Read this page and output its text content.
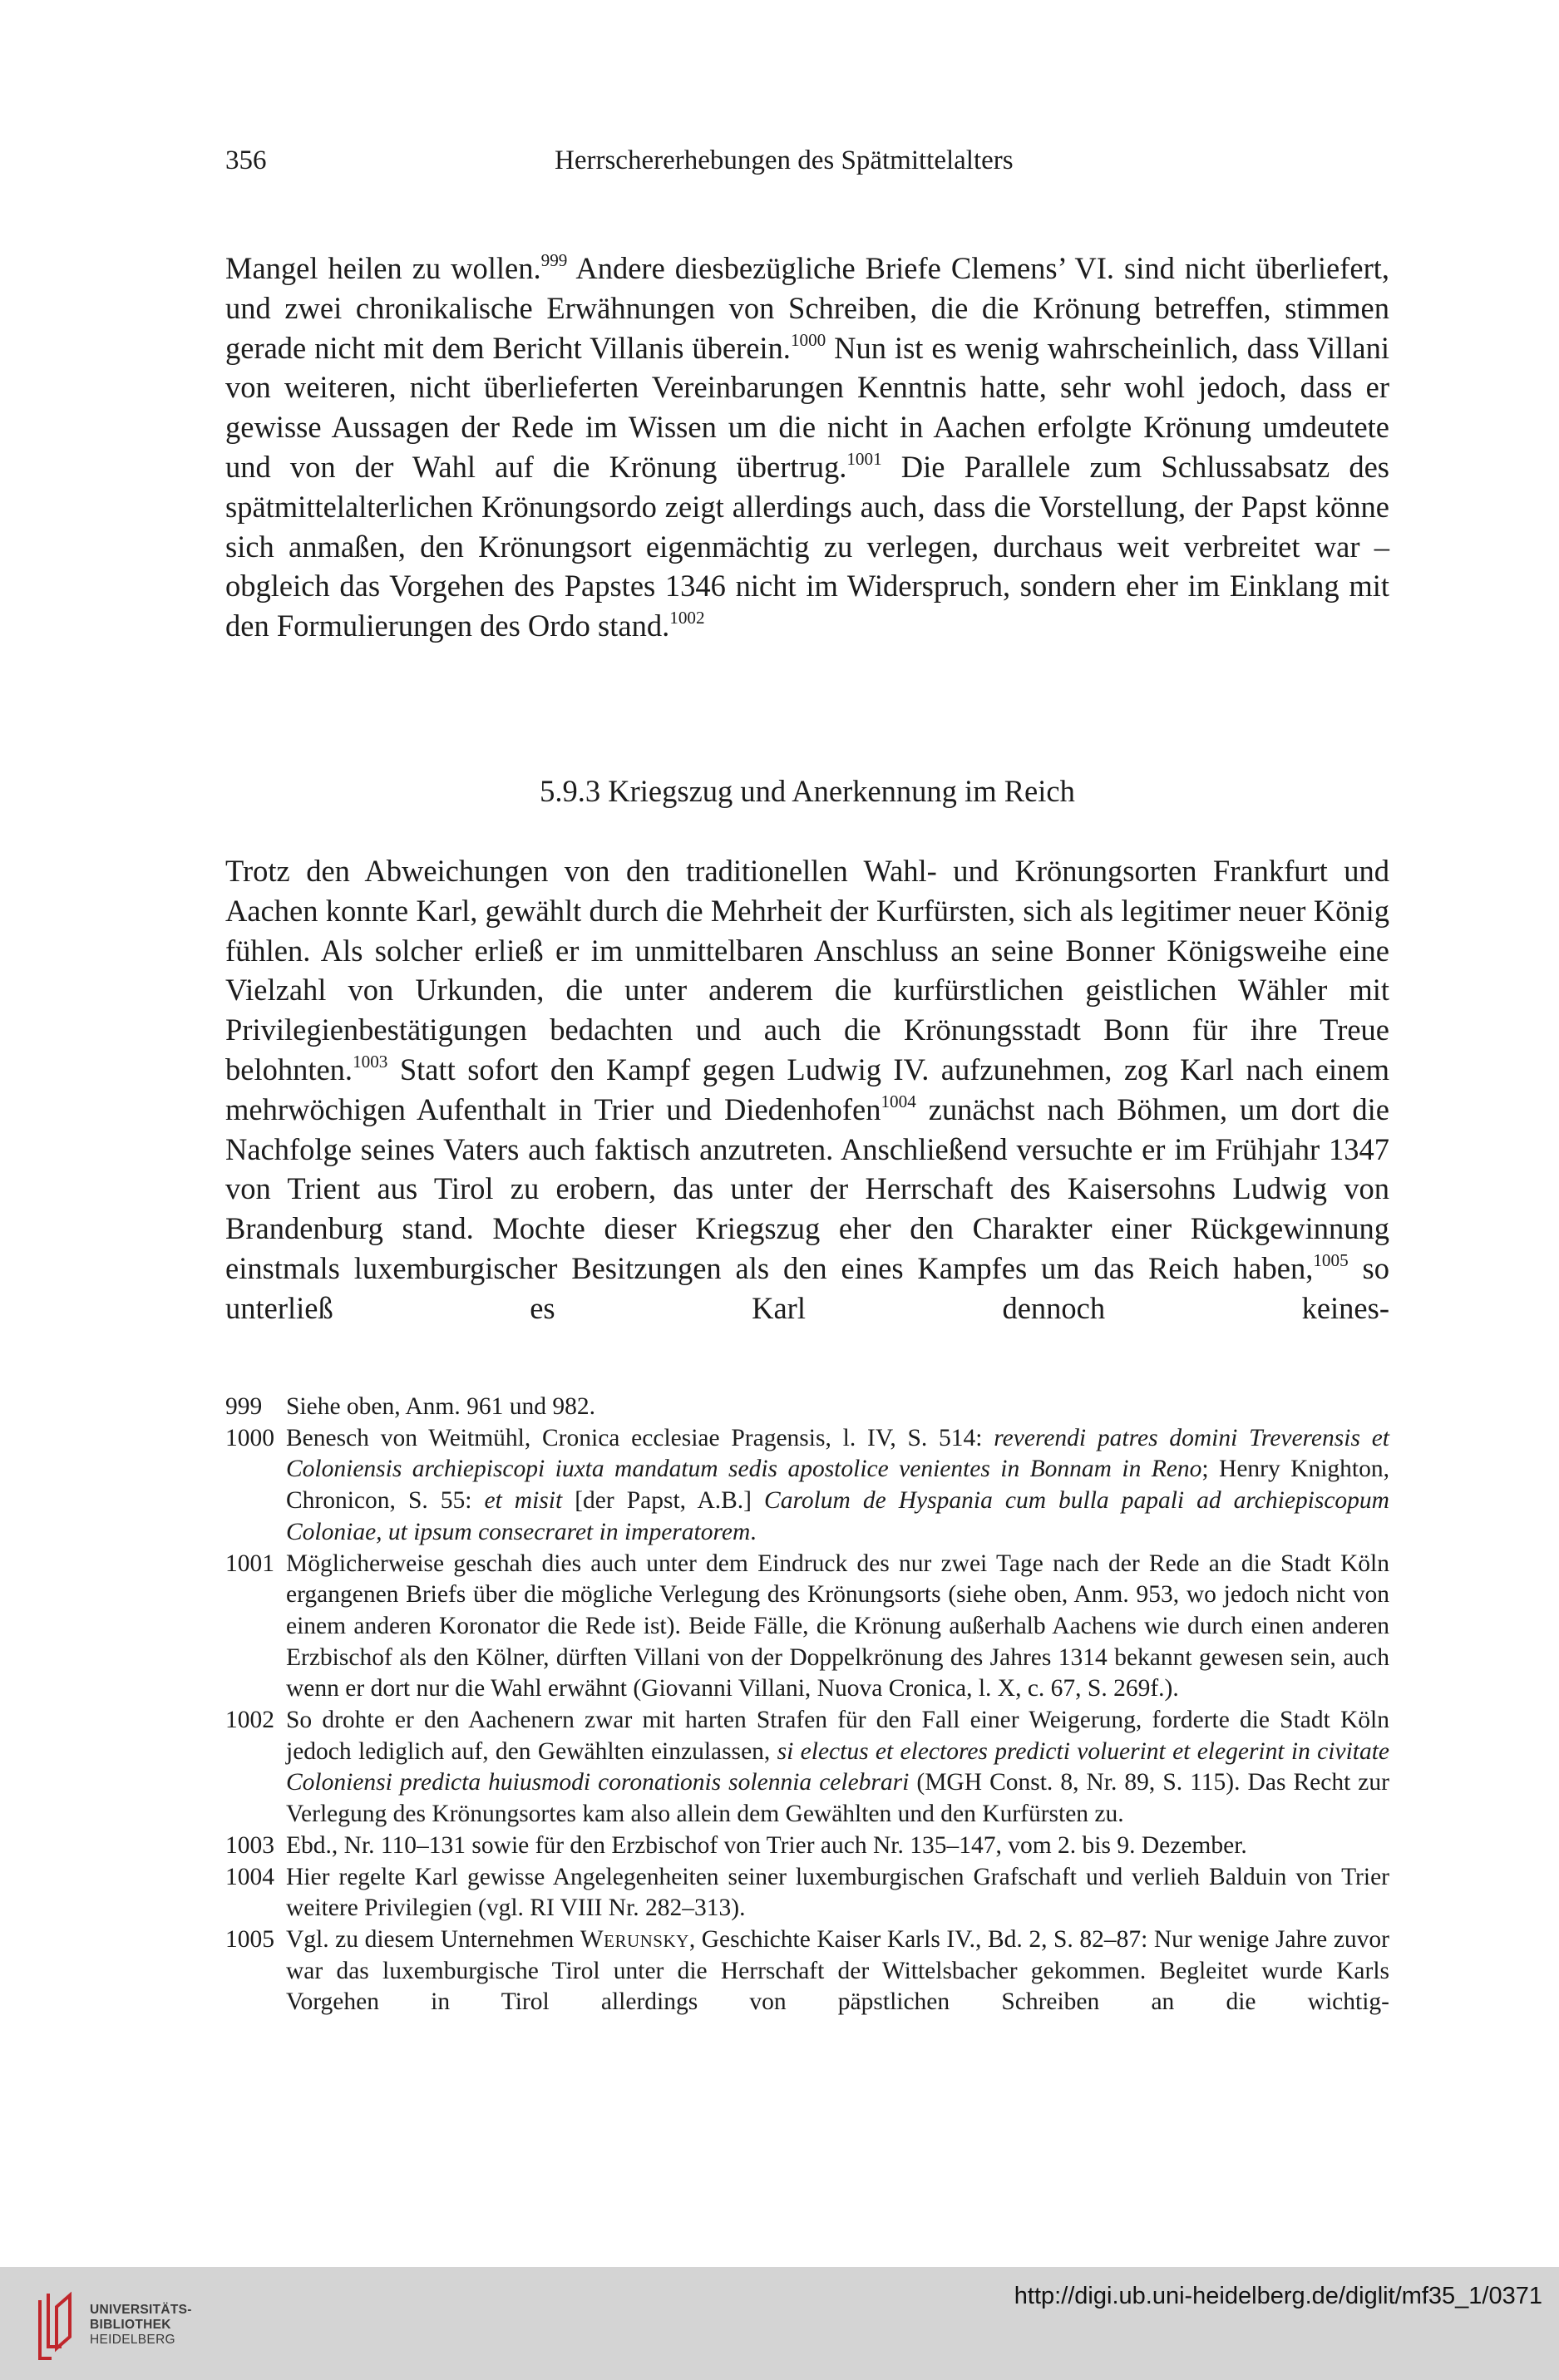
356	Herrschererhebungen des Spätmittelalters
Mangel heilen zu wollen.$^{999}$ Andere diesbezügliche Briefe Clemens’ VI. sind nicht überliefert, und zwei chronikalische Erwähnungen von Schreiben, die die Krönung betreffen, stimmen gerade nicht mit dem Bericht Villanis überein.$^{1000}$ Nun ist es wenig wahrscheinlich, dass Villani von weiteren, nicht überlieferten Vereinbarungen Kenntnis hatte, sehr wohl jedoch, dass er gewisse Aussagen der Rede im Wissen um die nicht in Aachen erfolgte Krönung umdeutete und von der Wahl auf die Krönung übertrug.$^{1001}$ Die Parallele zum Schlussabsatz des spätmittelalterlichen Krönungsordo zeigt allerdings auch, dass die Vorstellung, der Papst könne sich anmaßen, den Krönungsort eigenmächtig zu verlegen, durchaus weit verbreitet war – obgleich das Vorgehen des Papstes 1346 nicht im Widerspruch, sondern eher im Einklang mit den Formulierungen des Ordo stand.$^{1002}$
5.9.3 Kriegszug und Anerkennung im Reich
Trotz den Abweichungen von den traditionellen Wahl- und Krönungsorten Frankfurt und Aachen konnte Karl, gewählt durch die Mehrheit der Kurfürsten, sich als legitimer neuer König fühlen. Als solcher erließ er im unmittelbaren Anschluss an seine Bonner Königsweihe eine Vielzahl von Urkunden, die unter anderem die kurfürstlichen geistlichen Wähler mit Privilegienbestätigungen bedachten und auch die Krönungsstadt Bonn für ihre Treue belohnten.$^{1003}$ Statt sofort den Kampf gegen Ludwig IV. aufzunehmen, zog Karl nach einem mehrwöchigen Aufenthalt in Trier und Diedenhofen$^{1004}$ zunächst nach Böhmen, um dort die Nachfolge seines Vaters auch faktisch anzutreten. Anschließend versuchte er im Frühjahr 1347 von Trient aus Tirol zu erobern, das unter der Herrschaft des Kaisersohns Ludwig von Brandenburg stand. Mochte dieser Kriegszug eher den Charakter einer Rückgewinnung einstmals luxemburgischer Besitzungen als den eines Kampfes um das Reich haben,$^{1005}$ so unterließ es Karl dennoch keines-
999 Siehe oben, Anm. 961 und 982.
1000 Benesch von Weitmühl, Cronica ecclesiae Pragensis, l. IV, S. 514: reverendi patres domini Treverensis et Coloniensis archiepiscopi iuxta mandatum sedis apostolice venientes in Bonnam in Reno; Henry Knighton, Chronicon, S. 55: et misit [der Papst, A.B.] Carolum de Hyspania cum bulla papali ad archiepiscopum Coloniae, ut ipsum consecraret in imperatorem.
1001 Möglicherweise geschah dies auch unter dem Eindruck des nur zwei Tage nach der Rede an die Stadt Köln ergangenen Briefs über die mögliche Verlegung des Krönungsorts (siehe oben, Anm. 953, wo jedoch nicht von einem anderen Koronator die Rede ist). Beide Fälle, die Krönung außerhalb Aachens wie durch einen anderen Erzbischof als den Kölner, dürften Villani von der Doppelkrönung des Jahres 1314 bekannt gewesen sein, auch wenn er dort nur die Wahl erwähnt (Giovanni Villani, Nuova Cronica, l. X, c. 67, S. 269f.).
1002 So drohte er den Aachenern zwar mit harten Strafen für den Fall einer Weigerung, forderte die Stadt Köln jedoch lediglich auf, den Gewählten einzulassen, si electus et electores predicti voluerint et elegerint in civitate Coloniensi predicta huiusmodi coronationis solennia celebrari (MGH Const. 8, Nr. 89, S. 115). Das Recht zur Verlegung des Krönungsortes kam also allein dem Gewählten und den Kurfürsten zu.
1003 Ebd., Nr. 110–131 sowie für den Erzbischof von Trier auch Nr. 135–147, vom 2. bis 9. Dezember.
1004 Hier regelte Karl gewisse Angelegenheiten seiner luxemburgischen Grafschaft und verlieh Balduin von Trier weitere Privilegien (vgl. RI VIII Nr. 282–313).
1005 Vgl. zu diesem Unternehmen Werunsky, Geschichte Kaiser Karls IV., Bd. 2, S. 82–87: Nur wenige Jahre zuvor war das luxemburgische Tirol unter die Herrschaft der Wittelsbacher gekommen. Begleitet wurde Karls Vorgehen in Tirol allerdings von päpstlichen Schreiben an die wichtig-
UNIVERSITÄTS-
BIBLIOTHEK
HEIDELBERG
http://digi.ub.uni-heidelberg.de/diglit/mf35_1/0371
